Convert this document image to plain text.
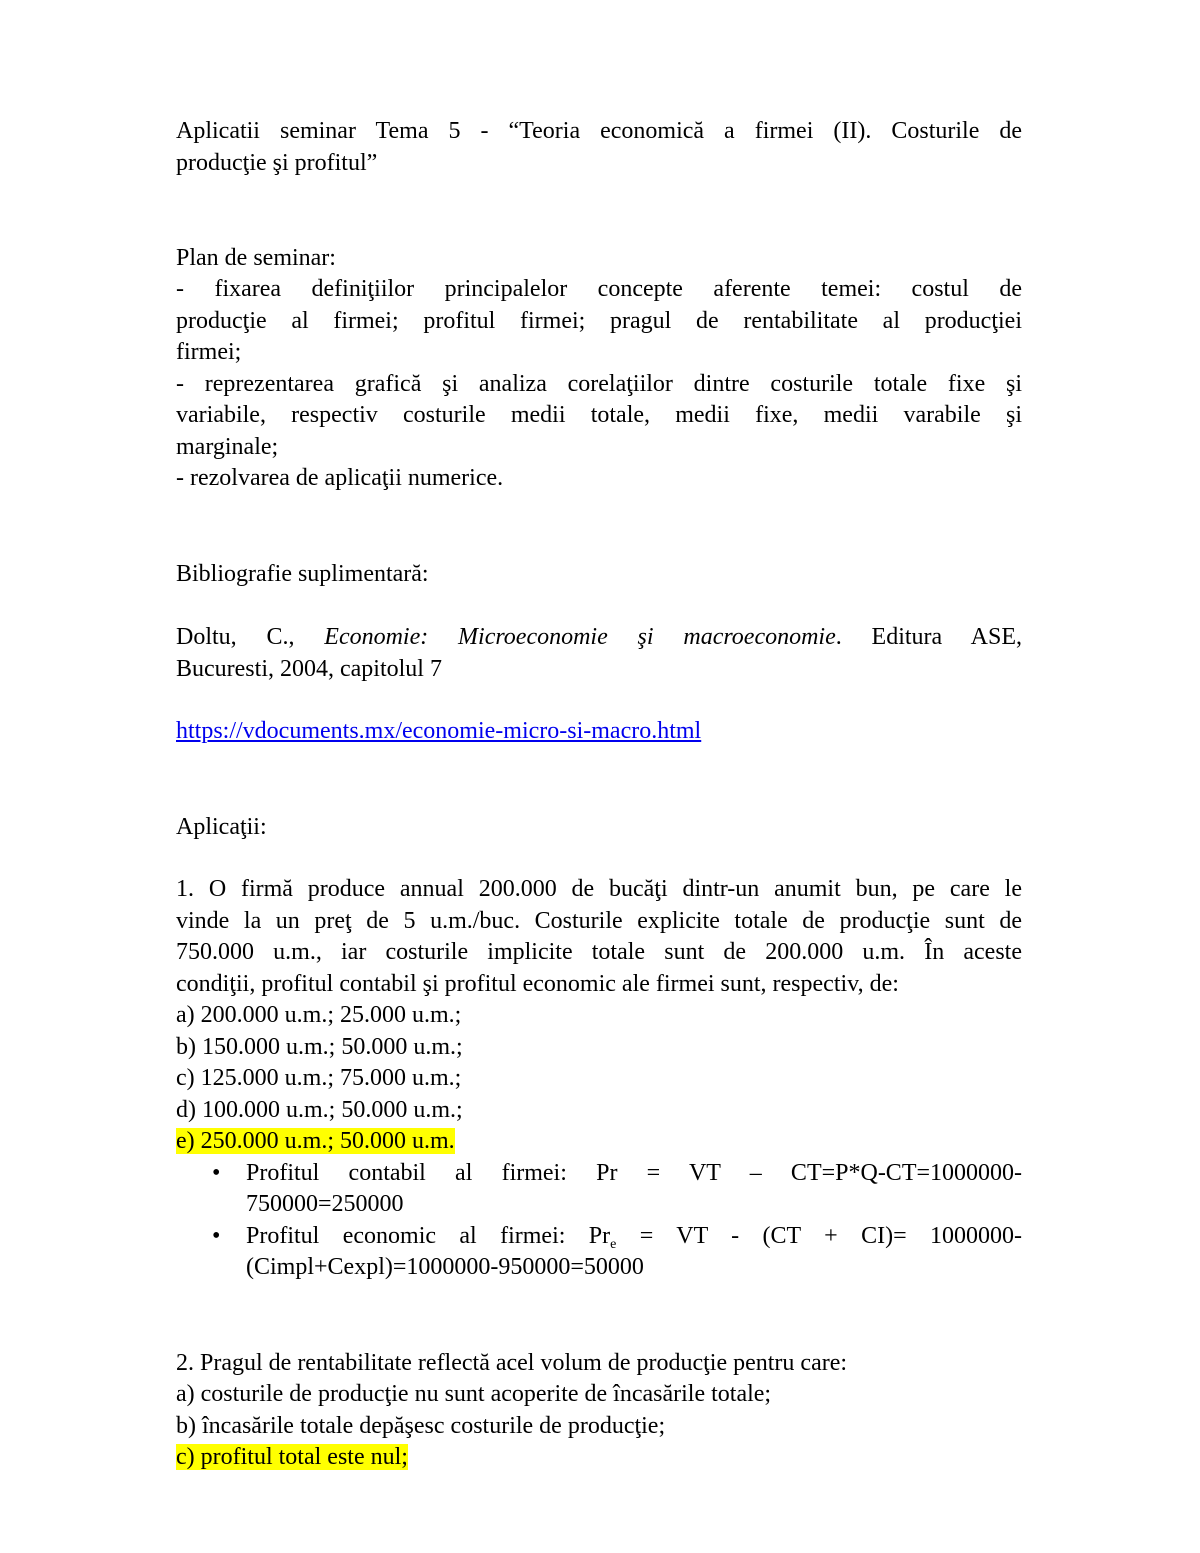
Aplicatii seminar Tema 5 - “Teoria economică a firmei (II). Costurile de
producţie şi profitul”
Plan de seminar:
- fixarea definiţiilor principalelor concepte aferente temei: costul de
producţie al firmei; profitul firmei; pragul de rentabilitate al producţiei
firmei;
- reprezentarea grafică şi analiza corelaţiilor dintre costurile totale fixe şi
variabile, respectiv costurile medii totale, medii fixe, medii varabile şi
marginale;
- rezolvarea de aplicaţii numerice.
Bibliografie suplimentară:
Doltu, C., Economie: Microeconomie şi macroeconomie. Editura ASE,
Bucuresti, 2004, capitolul 7
https://vdocuments.mx/economie-micro-si-macro.html
Aplicaţii:
1. O firmă produce annual 200.000 de bucăţi dintr-un anumit bun, pe care le
vinde la un preţ de 5 u.m./buc. Costurile explicite totale de producţie sunt de
750.000 u.m., iar costurile implicite totale sunt de 200.000 u.m. În aceste
condiţii, profitul contabil şi profitul economic ale firmei sunt, respectiv, de:
a) 200.000 u.m.; 25.000 u.m.;
b) 150.000 u.m.; 50.000 u.m.;
c) 125.000 u.m.; 75.000 u.m.;
d) 100.000 u.m.; 50.000 u.m.;
e) 250.000 u.m.; 50.000 u.m.
•	Profitul contabil al firmei: Pr = VT – CT=P*Q-CT=1000000-
750000=250000
•	Profitul economic al firmei: $Pr_e$ = VT - (CT + CI)= 1000000-
(Cimpl+Cexpl)=1000000-950000=50000
2. Pragul de rentabilitate reflectă acel volum de producţie pentru care:
a) costurile de producţie nu sunt acoperite de încasările totale;
b) încasările totale depăşesc costurile de producţie;
c) profitul total este nul;
